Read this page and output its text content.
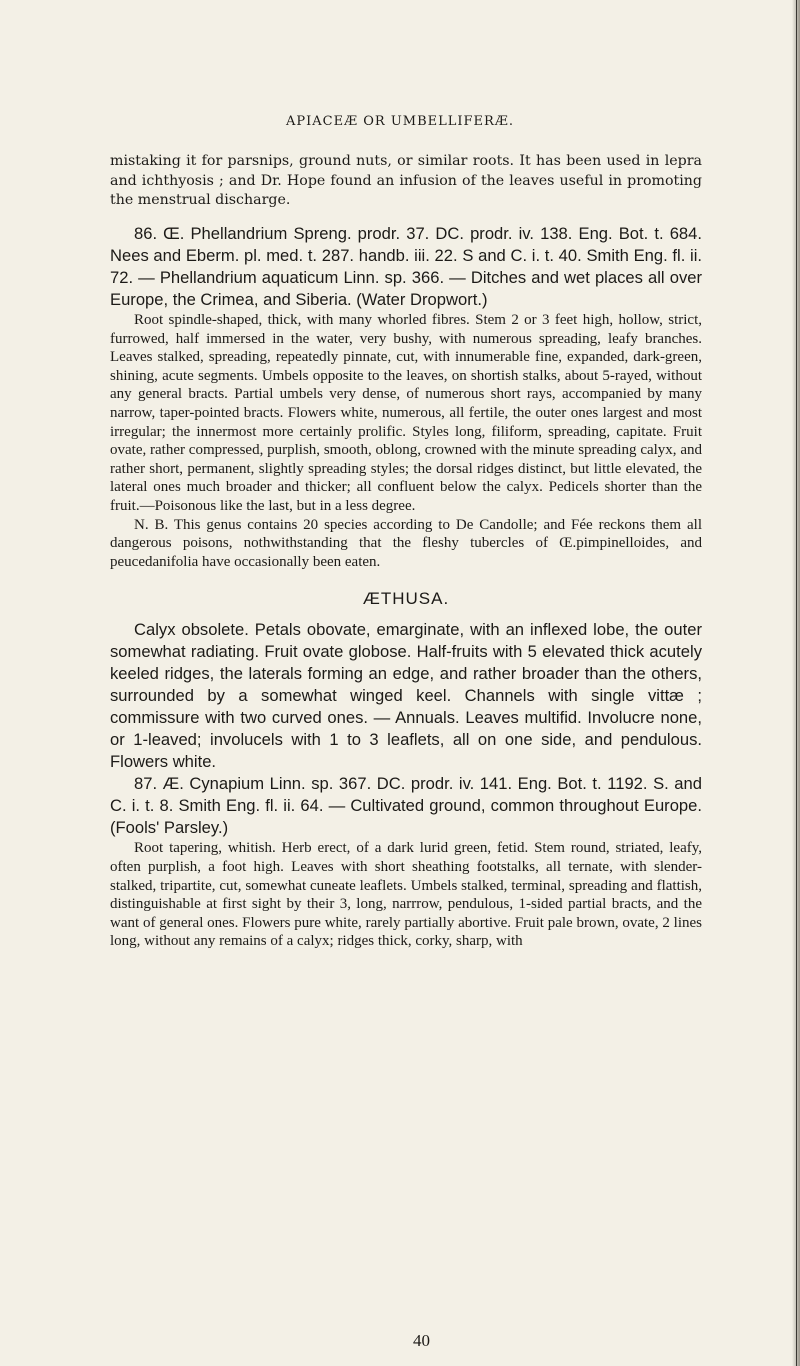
APIACEÆ OR UMBELLIFERÆ.

mistaking it for parsnips, ground nuts, or similar roots. It has been used in lepra and ichthyosis ; and Dr. Hope found an infusion of the leaves useful in promoting the menstrual discharge.

86. Œ. Phellandrium Spreng. prodr. 37. DC. prodr. iv. 138. Eng. Bot. t. 684. Nees and Eberm. pl. med. t. 287. handb. iii. 22. S and C. i. t. 40. Smith Eng. fl. ii. 72. — Phellandrium aquaticum Linn. sp. 366. — Ditches and wet places all over Europe, the Crimea, and Siberia. (Water Dropwort.)

Root spindle-shaped, thick, with many whorled fibres. Stem 2 or 3 feet high, hollow, strict, furrowed, half immersed in the water, very bushy, with numerous spreading, leafy branches. Leaves stalked, spreading, repeatedly pinnate, cut, with innumerable fine, expanded, dark-green, shining, acute segments. Umbels opposite to the leaves, on shortish stalks, about 5-rayed, without any general bracts. Partial umbels very dense, of numerous short rays, accompanied by many narrow, taper-pointed bracts. Flowers white, numerous, all fertile, the outer ones largest and most irregular; the innermost more certainly prolific. Styles long, filiform, spreading, capitate. Fruit ovate, rather compressed, purplish, smooth, oblong, crowned with the minute spreading calyx, and rather short, permanent, slightly spreading styles; the dorsal ridges distinct, but little elevated, the lateral ones much broader and thicker; all confluent below the calyx. Pedicels shorter than the fruit.—Poisonous like the last, but in a less degree.

N. B. This genus contains 20 species according to De Candolle; and Fée reckons them all dangerous poisons, nothwithstanding that the fleshy tubercles of Œ.pimpinelloides, and peucedanifolia have occasionally been eaten.

ÆTHUSA.

Calyx obsolete. Petals obovate, emarginate, with an inflexed lobe, the outer somewhat radiating. Fruit ovate globose. Half-fruits with 5 elevated thick acutely keeled ridges, the laterals forming an edge, and rather broader than the others, surrounded by a somewhat winged keel. Channels with single vittæ ; commissure with two curved ones. — Annuals. Leaves multifid. Involucre none, or 1-leaved; involucels with 1 to 3 leaflets, all on one side, and pendulous. Flowers white.

87. Æ. Cynapium Linn. sp. 367. DC. prodr. iv. 141. Eng. Bot. t. 1192. S. and C. i. t. 8. Smith Eng. fl. ii. 64. — Cultivated ground, common throughout Europe. (Fools' Parsley.)

Root tapering, whitish. Herb erect, of a dark lurid green, fetid. Stem round, striated, leafy, often purplish, a foot high. Leaves with short sheathing footstalks, all ternate, with slender-stalked, tripartite, cut, somewhat cuneate leaflets. Umbels stalked, terminal, spreading and flattish, distinguishable at first sight by their 3, long, narrrow, pendulous, 1-sided partial bracts, and the want of general ones. Flowers pure white, rarely partially abortive. Fruit pale brown, ovate, 2 lines long, without any remains of a calyx; ridges thick, corky, sharp, with

40
